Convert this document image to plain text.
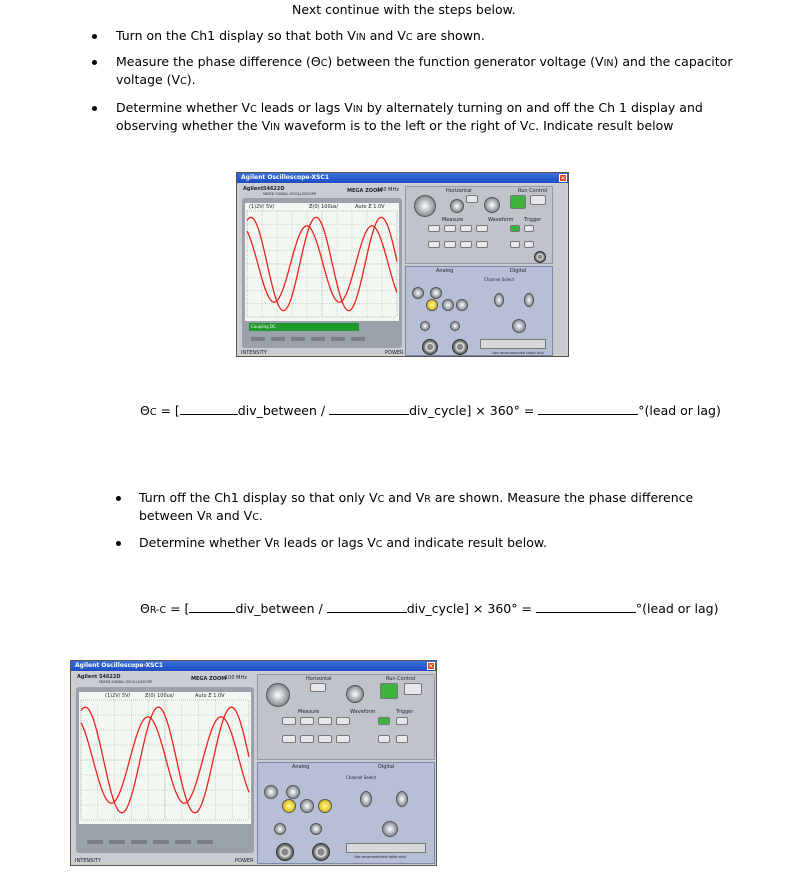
Next continue with the steps below.
Turn on the Ch1 display so that both VIN and VC are shown.
Measure the phase difference (ΘC) between the function generator voltage (VIN) and the capacitor
voltage (VC).
Determine whether VC leads or lags VIN by alternately turning on and off the Ch 1 display and
observing whether the VIN waveform is to the left or the right of VC. Indicate result below
Agilent Oscilloscope-XSC1	✕
Agilent 54622D
MIXED SIGNAL OSCILLOSCOPE	MEGA ZOOM
100 MHz
(1)2V/ 5V/	Ƶ(0) 100us/	Auto Ƶ 1.0V
Coupling DC
INTENSITY	POWER
Horizontal	Run Control
Measure	Waveform Trigger
Analog	Digital
Channel Select
Use recommended cable only
ΘC = [	div_between /	div_cycle] × 360° =	°(lead or lag)
Turn off the Ch1 display so that only VC and VR are shown. Measure the phase difference
between VR and VC.
Determine whether VR leads or lags VC and indicate result below.
ΘR-C = [	div_between /	div_cycle] × 360° =	°(lead or lag)
Agilent Oscilloscope-XSC1	✕
Agilent 54622D
MIXED SIGNAL OSCILLOSCOPE	MEGA ZOOM
100 MHz
(1)2V/ 5V/	Ƶ(0) 100us/	Auto Ƶ 1.0V
INTENSITY	POWER
Horizontal	Run Control
Measure	Waveform	Trigger
Analog	Digital
Channel Select
Use recommended cable only
